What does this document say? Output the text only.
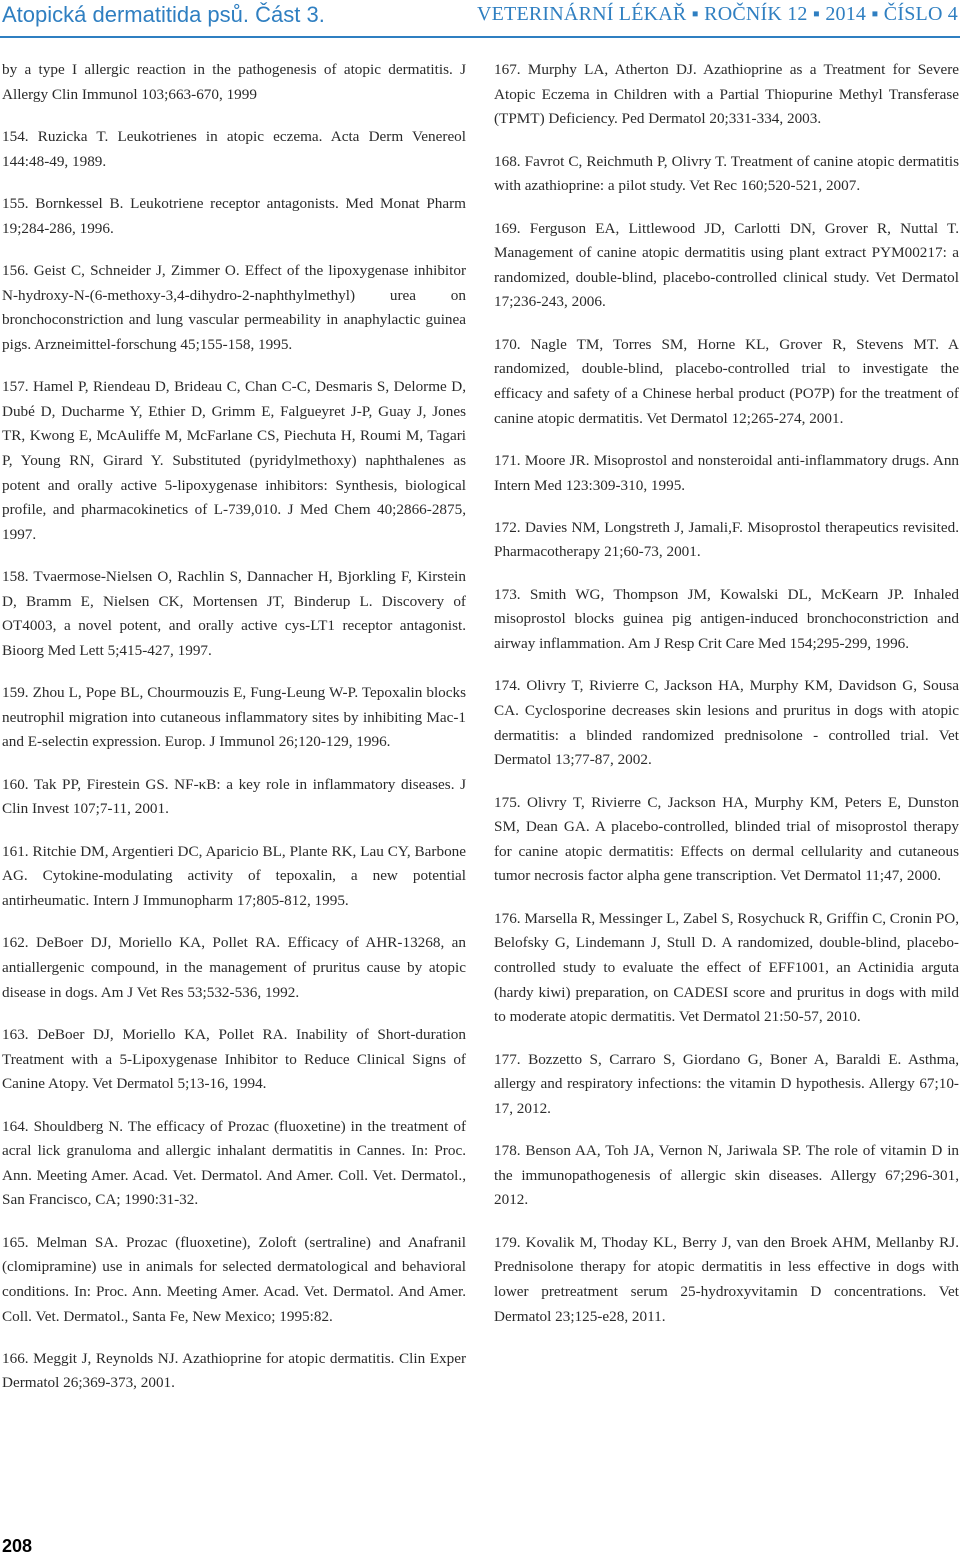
Atopická dermatitida psů. Část 3.	VETERINÁRNÍ LÉKAŘ ▪ ROČNÍK 12 ▪ 2014 ▪ ČÍSLO 4

by a type I allergic reaction in the pathogenesis of atopic dermatitis. J Allergy Clin Immunol 103;663-670, 1999

154. Ruzicka T. Leukotrienes in atopic eczema. Acta Derm Venereol 144:48-49, 1989.

155. Bornkessel B. Leukotriene receptor antagonists. Med Monat Pharm 19;284-286, 1996.

156. Geist C, Schneider J, Zimmer O. Effect of the lipoxygenase inhibitor N-hydroxy-N-(6-methoxy-3,4-dihydro-2-naphthylmethyl) urea on bronchoconstriction and lung vascular permeability in anaphylactic guinea pigs. Arzneimittel-forschung 45;155-158, 1995.

157. Hamel P, Riendeau D, Brideau C, Chan C-C, Desmaris S, Delorme D, Dubé D, Ducharme Y, Ethier D, Grimm E, Falgueyret J-P, Guay J, Jones TR, Kwong E, McAuliffe M, McFarlane CS, Piechuta H, Roumi M, Tagari P, Young RN, Girard Y. Substituted (pyridylmethoxy) naphthalenes as potent and orally active 5-lipoxygenase inhibitors: Synthesis, biological profile, and pharmacokinetics of L-739,010. J Med Chem 40;2866-2875, 1997.

158. Tvaermose-Nielsen O, Rachlin S, Dannacher H, Bjorkling F, Kirstein D, Bramm E, Nielsen CK, Mortensen JT, Binderup L. Discovery of OT4003, a novel potent, and orally active cys-LT1 receptor antagonist. Bioorg Med Lett 5;415-427, 1997.

159. Zhou L, Pope BL, Chourmouzis E, Fung-Leung W-P. Tepoxalin blocks neutrophil migration into cutaneous inflammatory sites by inhibiting Mac-1 and E-selectin expression. Europ. J Immunol 26;120-129, 1996.

160. Tak PP, Firestein GS. NF-κB: a key role in inflammatory diseases. J Clin Invest 107;7-11, 2001.

161. Ritchie DM, Argentieri DC, Aparicio BL, Plante RK, Lau CY, Barbone AG. Cytokine-modulating activity of tepoxalin, a new potential antirheumatic. Intern J Immunopharm 17;805-812, 1995.

162. DeBoer DJ, Moriello KA, Pollet RA. Efficacy of AHR-13268, an antiallergenic compound, in the management of pruritus cause by atopic disease in dogs. Am J Vet Res 53;532-536, 1992.

163. DeBoer DJ, Moriello KA, Pollet RA. Inability of Short-duration Treatment with a 5-Lipoxygenase Inhibitor to Reduce Clinical Signs of Canine Atopy. Vet Dermatol 5;13-16, 1994.

164. Shouldberg N. The efficacy of Prozac (fluoxetine) in the treatment of acral lick granuloma and allergic inhalant dermatitis in Cannes. In: Proc. Ann. Meeting Amer. Acad. Vet. Dermatol. And Amer. Coll. Vet. Dermatol., San Francisco, CA; 1990:31-32.

165. Melman SA. Prozac (fluoxetine), Zoloft (sertraline) and Anafranil (clomipramine) use in animals for selected dermatological and behavioral conditions. In: Proc. Ann. Meeting Amer. Acad. Vet. Dermatol. And Amer. Coll. Vet. Dermatol., Santa Fe, New Mexico; 1995:82.

166. Meggit J, Reynolds NJ. Azathioprine for atopic dermatitis. Clin Exper Dermatol 26;369-373, 2001.

167. Murphy LA, Atherton DJ. Azathioprine as a Treatment for Severe Atopic Eczema in Children with a Partial Thiopurine Methyl Transferase (TPMT) Deficiency. Ped Dermatol 20;331-334, 2003.

168. Favrot C, Reichmuth P, Olivry T. Treatment of canine atopic dermatitis with azathioprine: a pilot study. Vet Rec 160;520-521, 2007.

169. Ferguson EA, Littlewood JD, Carlotti DN, Grover R, Nuttal T. Management of canine atopic dermatitis using plant extract PYM00217: a randomized, double-blind, placebo-controlled clinical study. Vet Dermatol 17;236-243, 2006.

170. Nagle TM, Torres SM, Horne KL, Grover R, Stevens MT. A randomized, double-blind, placebo-controlled trial to investigate the efficacy and safety of a Chinese herbal product (PO7P) for the treatment of canine atopic dermatitis. Vet Dermatol 12;265-274, 2001.

171. Moore JR. Misoprostol and nonsteroidal anti-inflammatory drugs. Ann Intern Med 123:309-310, 1995.

172. Davies NM, Longstreth J, Jamali,F. Misoprostol therapeutics revisited. Pharmacotherapy 21;60-73, 2001.

173. Smith WG, Thompson JM, Kowalski DL, McKearn JP. Inhaled misoprostol blocks guinea pig antigen-induced bronchoconstriction and airway inflammation. Am J Resp Crit Care Med 154;295-299, 1996.

174. Olivry T, Rivierre C, Jackson HA, Murphy KM, Davidson G, Sousa CA. Cyclosporine decreases skin lesions and pruritus in dogs with atopic dermatitis: a blinded randomized prednisolone - controlled trial. Vet Dermatol 13;77-87, 2002.

175. Olivry T, Rivierre C, Jackson HA, Murphy KM, Peters E, Dunston SM, Dean GA. A placebo-controlled, blinded trial of misoprostol therapy for canine atopic dermatitis: Effects on dermal cellularity and cutaneous tumor necrosis factor alpha gene transcription. Vet Dermatol 11;47, 2000.

176. Marsella R, Messinger L, Zabel S, Rosychuck R, Griffin C, Cronin PO, Belofsky G, Lindemann J, Stull D. A randomized, double-blind, placebo-controlled study to evaluate the effect of EFF1001, an Actinidia arguta (hardy kiwi) preparation, on CADESI score and pruritus in dogs with mild to moderate atopic dermatitis. Vet Dermatol 21:50-57, 2010.

177. Bozzetto S, Carraro S, Giordano G, Boner A, Baraldi E. Asthma, allergy and respiratory infections: the vitamin D hypothesis. Allergy 67;10-17, 2012.

178. Benson AA, Toh JA, Vernon N, Jariwala SP. The role of vitamin D in the immunopathogenesis of allergic skin diseases. Allergy 67;296-301, 2012.

179. Kovalik M, Thoday KL, Berry J, van den Broek AHM, Mellanby RJ. Prednisolone therapy for atopic dermatitis in less effective in dogs with lower pretreatment serum 25-hydroxyvitamin D concentrations. Vet Dermatol 23;125-e28, 2011.

208
